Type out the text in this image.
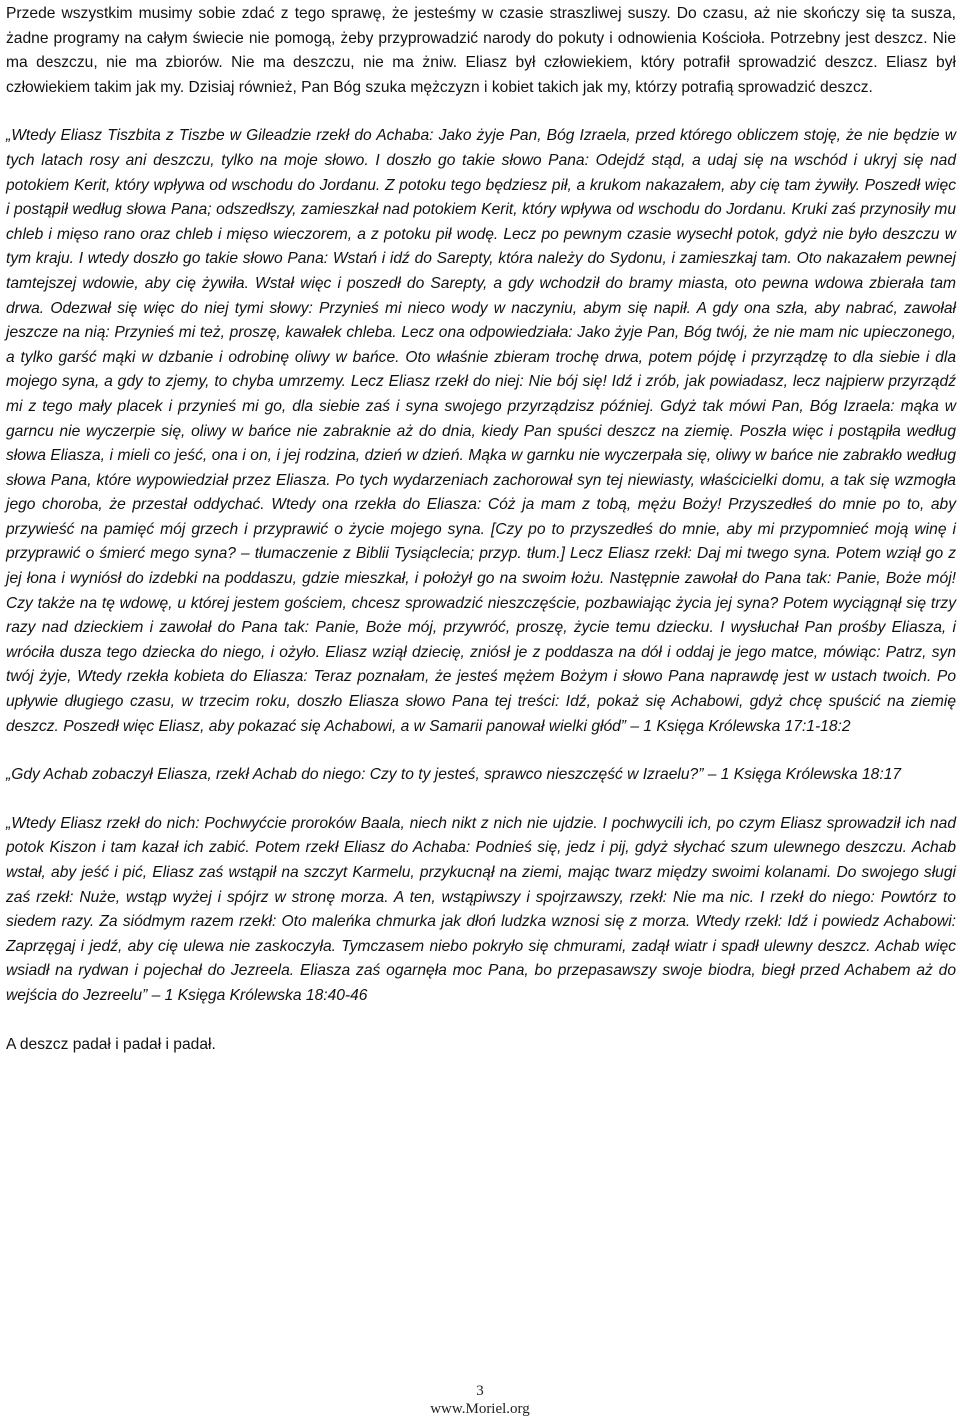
Przede wszystkim musimy sobie zdać z tego sprawę, że jesteśmy w czasie straszliwej suszy. Do czasu, aż nie skończy się ta susza, żadne programy na całym świecie nie pomogą, żeby przyprowadzić narody do pokuty i odnowienia Kościoła. Potrzebny jest deszcz. Nie ma deszczu, nie ma zbiorów. Nie ma deszczu, nie ma żniw. Eliasz był człowiekiem, który potrafił sprowadzić deszcz. Eliasz był człowiekiem takim jak my. Dzisiaj również, Pan Bóg szuka mężczyzn i kobiet takich jak my, którzy potrafią sprowadzić deszcz.

„Wtedy Eliasz Tiszbita z Tiszbe w Gileadzie rzekł do Achaba: Jako żyje Pan, Bóg Izraela, przed którego obliczem stoję, że nie będzie w tych latach rosy ani deszczu, tylko na moje słowo. I doszło go takie słowo Pana: Odejdź stąd, a udaj się na wschód i ukryj się nad potokiem Kerit, który wpływa od wschodu do Jordanu. Z potoku tego będziesz pił, a krukom nakazałem, aby cię tam żywiły. Poszedł więc i postąpił według słowa Pana; odszedłszy, zamieszkał nad potokiem Kerit, który wpływa od wschodu do Jordanu. Kruki zaś przynosiły mu chleb i mięso rano oraz chleb i mięso wieczorem, a z potoku pił wodę. Lecz po pewnym czasie wysechł potok, gdyż nie było deszczu w tym kraju. I wtedy doszło go takie słowo Pana: Wstań i idź do Sarepty, która należy do Sydonu, i zamieszkaj tam. Oto nakazałem pewnej tamtejszej wdowie, aby cię żywiła. Wstał więc i poszedł do Sarepty, a gdy wchodził do bramy miasta, oto pewna wdowa zbierała tam drwa. Odezwał się więc do niej tymi słowy: Przynieś mi nieco wody w naczyniu, abym się napił. A gdy ona szła, aby nabrać, zawołał jeszcze na nią: Przynieś mi też, proszę, kawałek chleba. Lecz ona odpowiedziała: Jako żyje Pan, Bóg twój, że nie mam nic upieczonego, a tylko garść mąki w dzbanie i odrobinę oliwy w bańce. Oto właśnie zbieram trochę drwa, potem pójdę i przyrządzę to dla siebie i dla mojego syna, a gdy to zjemy, to chyba umrzemy. Lecz Eliasz rzekł do niej: Nie bój się! Idź i zrób, jak powiadasz, lecz najpierw przyrządź mi z tego mały placek i przynieś mi go, dla siebie zaś i syna swojego przyrządzisz później. Gdyż tak mówi Pan, Bóg Izraela: mąka w garncu nie wyczerpie się, oliwy w bańce nie zabraknie aż do dnia, kiedy Pan spuści deszcz na ziemię. Poszła więc i postąpiła według słowa Eliasza, i mieli co jeść, ona i on, i jej rodzina, dzień w dzień. Mąka w garnku nie wyczerpała się, oliwy w bańce nie zabrakło według słowa Pana, które wypowiedział przez Eliasza. Po tych wydarzeniach zachorował syn tej niewiasty, właścicielki domu, a tak się wzmogła jego choroba, że przestał oddychać. Wtedy ona rzekła do Eliasza: Cóż ja mam z tobą, mężu Boży! Przyszedłeś do mnie po to, aby przywieść na pamięć mój grzech i przyprawić o życie mojego syna. [Czy po to przyszedłeś do mnie, aby mi przypomnieć moją winę i przyprawić o śmierć mego syna? – tłumaczenie z Biblii Tysiąclecia; przyp. tłum.] Lecz Eliasz rzekł: Daj mi twego syna. Potem wziął go z jej łona i wyniósł do izdebki na poddaszu, gdzie mieszkał, i położył go na swoim łożu. Następnie zawołał do Pana tak: Panie, Boże mój! Czy także na tę wdowę, u której jestem gościem, chcesz sprowadzić nieszczęście, pozbawiając życia jej syna? Potem wyciągnął się trzy razy nad dzieckiem i zawołał do Pana tak: Panie, Boże mój, przywróć, proszę, życie temu dziecku. I wysłuchał Pan prośby Eliasza, i wróciła dusza tego dziecka do niego, i ożyło. Eliasz wziął dziecię, zniósł je z poddasza na dół i oddaj je jego matce, mówiąc: Patrz, syn twój żyje, Wtedy rzekła kobieta do Eliasza: Teraz poznałam, że jesteś mężem Bożym i słowo Pana naprawdę jest w ustach twoich. Po upływie długiego czasu, w trzecim roku, doszło Eliasza słowo Pana tej treści: Idź, pokaż się Achabowi, gdyż chcę spuścić na ziemię deszcz. Poszedł więc Eliasz, aby pokazać się Achabowi, a w Samarii panował wielki głód” – 1 Księga Królewska 17:1-18:2

„Gdy Achab zobaczył Eliasza, rzekł Achab do niego: Czy to ty jesteś, sprawco nieszczęść w Izraelu?” – 1 Księga Królewska 18:17

„Wtedy Eliasz rzekł do nich: Pochwyćcie proroków Baala, niech nikt z nich nie ujdzie. I pochwycili ich, po czym Eliasz sprowadził ich nad potok Kiszon i tam kazał ich zabić. Potem rzekł Eliasz do Achaba: Podnieś się, jedz i pij, gdyż słychać szum ulewnego deszczu. Achab wstał, aby jeść i pić, Eliasz zaś wstąpił na szczyt Karmelu, przykucnął na ziemi, mając twarz między swoimi kolanami. Do swojego sługi zaś rzekł: Nuże, wstąp wyżej i spójrz w stronę morza. A ten, wstąpiwszy i spojrzawszy, rzekł: Nie ma nic. I rzekł do niego: Powtórz to siedem razy. Za siódmym razem rzekł: Oto maleńka chmurka jak dłoń ludzka wznosi się z morza. Wtedy rzekł: Idź i powiedz Achabowi: Zaprzęgaj i jedź, aby cię ulewa nie zaskoczyła. Tymczasem niebo pokryło się chmurami, zadął wiatr i spadł ulewny deszcz. Achab więc wsiadł na rydwan i pojechał do Jezreela. Eliasza zaś ogarnęła moc Pana, bo przepasawszy swoje biodra, biegł przed Achabem aż do wejścia do Jezreelu” – 1 Księga Królewska 18:40-46

A deszcz padał i padał i padał.

3
www.Moriel.org
